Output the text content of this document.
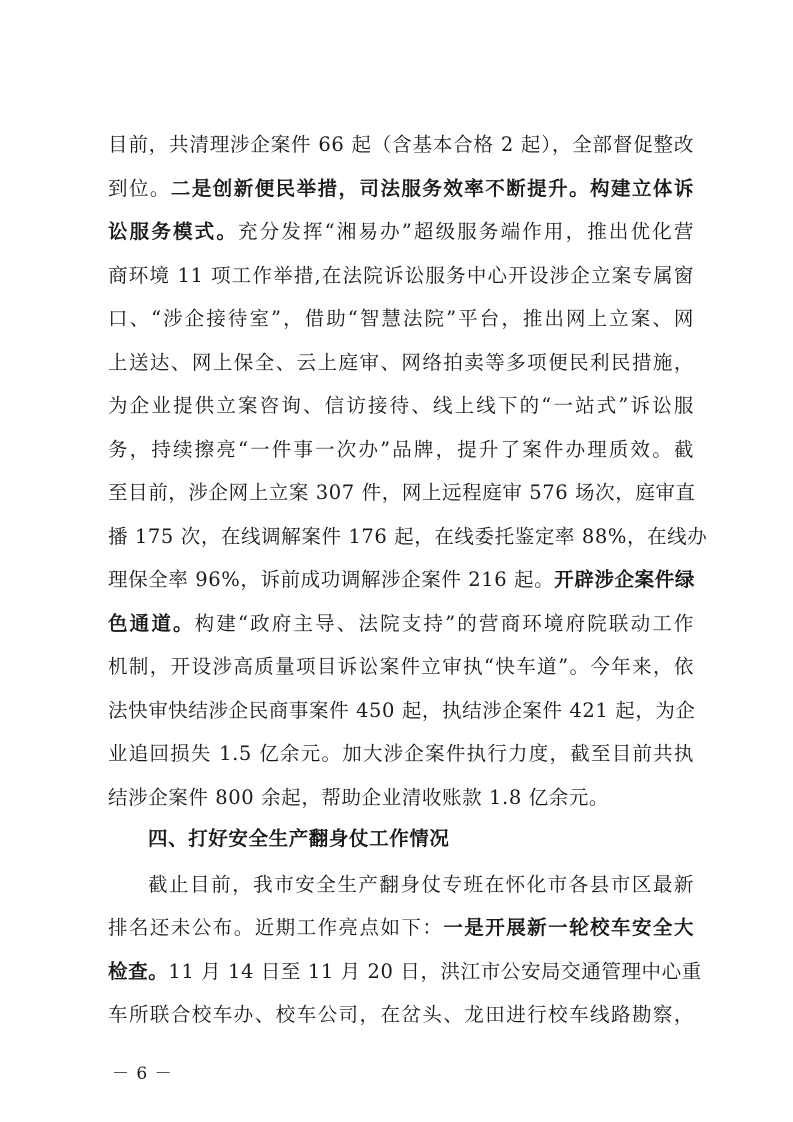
目前，共清理涉企案件 66 起（含基本合格 2 起），全部督促整改
到位。二是创新便民举措，司法服务效率不断提升。构建立体诉
讼服务模式。充分发挥“湘易办”超级服务端作用，推出优化营
商环境 11 项工作举措,在法院诉讼服务中心开设涉企立案专属窗
口、“涉企接待室”，借助“智慧法院”平台，推出网上立案、网
上送达、网上保全、云上庭审、网络拍卖等多项便民利民措施，
为企业提供立案咨询、信访接待、线上线下的“一站式”诉讼服
务，持续擦亮“一件事一次办”品牌，提升了案件办理质效。截
至目前，涉企网上立案 307 件，网上远程庭审 576 场次，庭审直
播 175 次，在线调解案件 176 起，在线委托鉴定率 88%，在线办
理保全率 96%，诉前成功调解涉企案件 216 起。开辟涉企案件绿
色通道。构建“政府主导、法院支持”的营商环境府院联动工作
机制，开设涉高质量项目诉讼案件立审执“快车道”。今年来，依
法快审快结涉企民商事案件 450 起，执结涉企案件 421 起，为企
业追回损失 1.5 亿余元。加大涉企案件执行力度，截至目前共执
结涉企案件 800 余起，帮助企业清收账款 1.8 亿余元。
四、打好安全生产翻身仗工作情况
截止目前，我市安全生产翻身仗专班在怀化市各县市区最新
排名还未公布。近期工作亮点如下：一是开展新一轮校车安全大
检查。11 月 14 日至 11 月 20 日，洪江市公安局交通管理中心重
车所联合校车办、校车公司，在岔头、龙田进行校车线路勘察，
－ 6 －
